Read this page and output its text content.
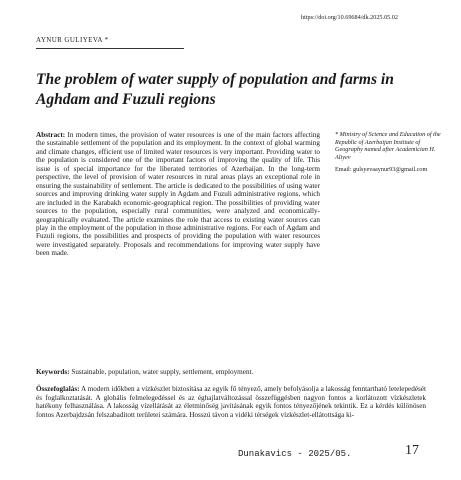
https://doi.org/10.69684/dk.2025.05.02
AYNUR GULIYEVA *
The problem of water supply of population and farms in Aghdam and Fuzuli regions

Abstract: In modern times, the provision of water resources is one of the main factors affecting the sustainable settlement of the population and its employment. In the context of global warming and climate changes, efficient use of limited water resources is very important. Providing water to the population is considered one of the important factors of improving the quality of life. This issue is of special importance for the liberated territories of Azerbaijan. In the long-term perspective, the level of provision of water resources in rural areas plays an exceptional role in ensuring the sustainability of settlement. The article is dedicated to the possibilities of using water sources and improving drinking water supply in Agdam and Fuzuli administrative regions, which are included in the Karabakh economic-geographical region. The possibilities of providing water sources to the population, especially rural communities, were analyzed and economically-geographically evaluated. The article examines the role that access to existing water sources can play in the employment of the population in those administrative regions. For each of Agdam and Fuzuli regions, the possibilities and prospects of providing the population with water resources were investigated separately. Proposals and recommendations for improving water supply have been made.

Keywords: Sustainable, population, water supply, settlement, employment.

Összefoglalás: A modern időkben a vízkészlet biztosítása az egyik fő tényező, amely befolyásolja a lakosság fenntartható letelepedését és foglalkoztatását. A globális felmelegedéssel és az éghajlatváltozással összefüggésben nagyon fontos a korlátozott vízkészletek hatékony felhasználása. A lakosság vízellátását az életminőség javításának egyik fontos tényezőjének tekintik. Ez a kérdés különösen fontos Azerbajdzsán felszabadított területei számára. Hosszú távon a vidéki térségek vízkészlet-ellátottsága ki-

* Ministry of Science and Education of the Republic of Azerbaijan Institute of Geography named after Academician H. Aliyev

Email: gulsyevaaynur93@gmail.com

Dunakavics - 2025/05.	17
